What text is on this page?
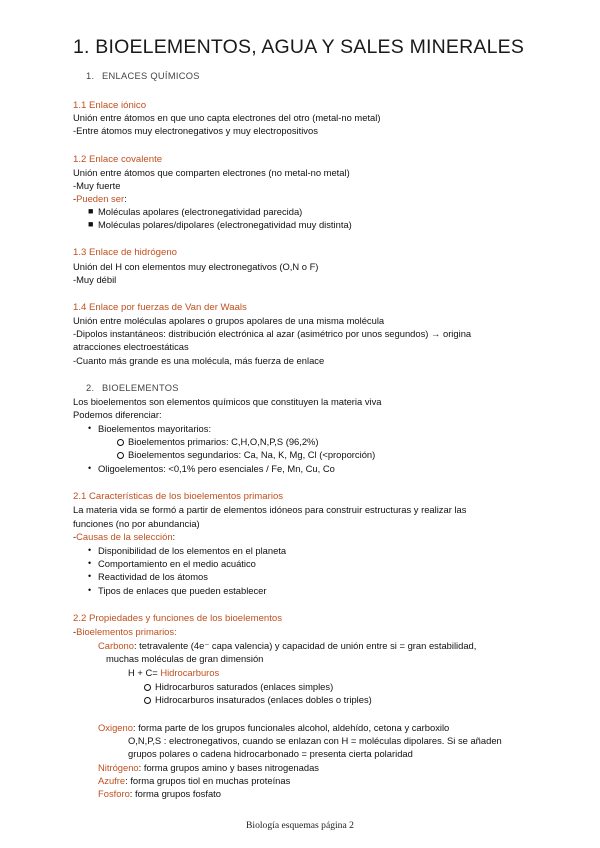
1. BIOELEMENTOS, AGUA Y SALES MINERALES
1. ENLACES QUÍMICOS
1.1 Enlace iónico
Unión entre átomos en que uno capta electrones del otro (metal-no metal)
-Entre átomos muy electronegativos y muy electropositivos
1.2 Enlace covalente
Unión entre átomos que comparten electrones (no metal-no metal)
-Muy fuerte
-Pueden ser:
■ Moléculas apolares (electronegatividad parecida)
■ Moléculas polares/dipolares (electronegatividad muy distinta)
1.3 Enlace de hidrógeno
Unión del H con elementos muy electronegativos (O,N o F)
-Muy débil
1.4 Enlace por fuerzas de Van der Waals
Unión entre moléculas apolares o grupos apolares de una misma molécula
-Dipolos instantáneos: distribución electrónica al azar (asimétrico por unos segundos) → origina
atracciones electroestáticas
-Cuanto más grande es una molécula, más fuerza de enlace
2. BIOELEMENTOS
Los bioelementos son elementos químicos que constituyen la materia viva
Podemos diferenciar:
• Bioelementos mayoritarios:
Bioelementos primarios: C,H,O,N,P,S (96,2%)
Bioelementos segundarios: Ca, Na, K, Mg, Cl (<proporción)
• Oligoelementos: <0,1% pero esenciales / Fe, Mn, Cu, Co
2.1 Características de los bioelementos primarios
La materia vida se formó a partir de elementos idóneos para construir estructuras y realizar las
funciones (no por abundancia)
-Causas de la selección:
• Disponibilidad de los elementos en el planeta
• Comportamiento en el medio acuático
• Reactividad de los átomos
• Tipos de enlaces que pueden establecer
2.2 Propiedades y funciones de los bioelementos
-Bioelementos primarios:
Carbono: tetravalente (4e⁻ capa valencia) y capacidad de unión entre si = gran estabilidad,
muchas moléculas de gran dimensión
H + C= Hidrocarburos
Hidrocarburos saturados (enlaces simples)
Hidrocarburos insaturados (enlaces dobles o triples)
Oxigeno: forma parte de los grupos funcionales alcohol, aldehído, cetona y carboxilo
O,N,P,S : electronegativos, cuando se enlazan con H = moléculas dipolares. Si se añaden
grupos polares o cadena hidrocarbonado = presenta cierta polaridad
Nitrógeno: forma grupos amino y bases nitrogenadas
Azufre: forma grupos tiol en muchas proteínas
Fosforo: forma grupos fosfato
Biología esquemas página 2
